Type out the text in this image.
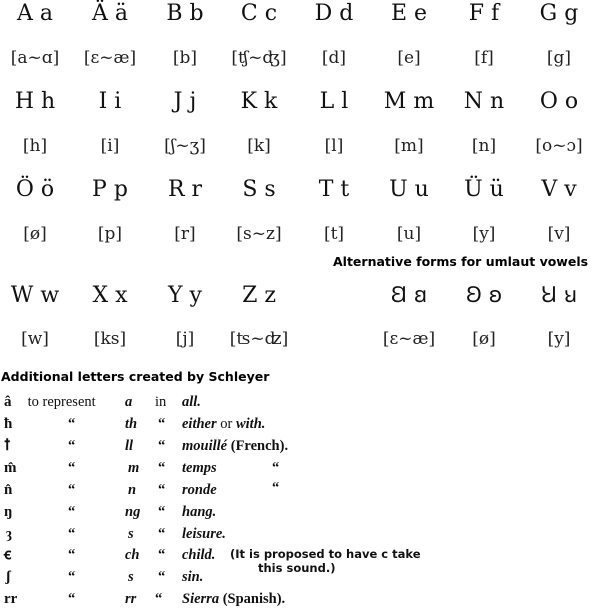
A a	Ä ä	B b	C c	D d	E e	F f	G g
[a~ɑ]	[ɛ~æ]	[b]	[ʧ~ʤ]	[d]	[e]	[f]	[g]
H h	I i	J j	K k	L l	M m	N n	O o
[h]	[i]	[ʃ~ʒ]	[k]	[l]	[m]	[n]	[o~ɔ]
Ö ö	P p	R r	S s	T t	U u	Ü ü	V v
[ø]	[p]	[r]	[s~z]	[t]	[u]	[y]	[v]
Alternative forms for umlaut vowels
W w	X x	Y y	Z z	Ꞛ ꞛ	Ꞝ ꞝ	Ꞟ ꞟ
[w]	[ks]	[j]	[ʦ~ʣ]	[ɛ~æ]	[ø]	[y]
Additional letters created by Schleyer
â to represent a in all.
ħ	“	th “ either or with.
ꝉ	“	ll “ mouillé (French).
m̂	“	m “ temps	“
n̂	“	n “ ronde	“
ŋ	“	ng “ hang.
ȝ	“	s “ leisure.
ꞓ	“	ch “ child. (It is proposed to have c take
this sound.)
ʃ	“	s “ sin.
rr	“	rr “ Sierra (Spanish).
